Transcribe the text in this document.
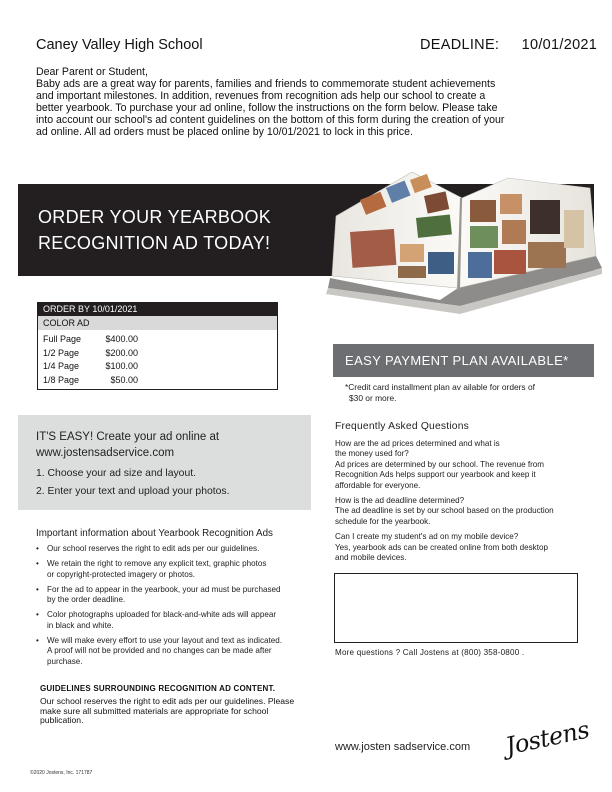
Caney Valley High School	DEADLINE: 10/01/2021
Dear Parent or Student,
Baby ads are a great way for parents, families and friends to commemorate student achievements
and important milestones. In addition, revenues from recognition ads help our school to create a
better yearbook. To purchase your ad online, follow the instructions on the form below. Please take
into account our school's ad content guidelines on the bottom of this form during the creation of your
ad online. All ad orders must be placed online by 10/01/2021 to lock in this price.
ORDER YOUR YEARBOOK
RECOGNITION AD TODAY!
ORDER BY 10/01/2021
COLOR AD
Full Page	$400.00
1/2 Page	$200.00
1/4 Page	$100.00
1/8 Page	$50.00
EASY PAYMENT PLAN AVAILABLE*
*Credit card installment plan av ailable for orders of
$30 or more.
IT'S EASY! Create your ad online at
www.jostensadservice.com
1. Choose your ad size and layout.
2. Enter your text and upload your photos.
Important information about Yearbook Recognition Ads
• Our school reserves the right to edit ads per our guidelines.
• We retain the right to remove any explicit text, graphic photos
or copyright-protected imagery or photos.
• For the ad to appear in the yearbook, your ad must be purchased
by the order deadline.
• Color photographs uploaded for black-and-white ads will appear
in black and white.
• We will make every effort to use your layout and text as indicated.
A proof will not be provided and no changes can be made after
purchase.
GUIDELINES SURROUNDING RECOGNITION AD CONTENT.
Our school reserves the right to edit ads per our guidelines. Please
make sure all submitted materials are appropriate for school
publication.
©2020 Jostens, Inc. 171787
Frequently Asked Questions
How are the ad prices determined and what is
the money used for?
Ad prices are determined by our school. The revenue from
Recognition Ads helps support our yearbook and keep it
affordable for everyone.
How is the ad deadline determined?
The ad deadline is set by our school based on the production
schedule for the yearbook.
Can I create my student's ad on my mobile device?
Yes, yearbook ads can be created online from both desktop
and mobile devices.
More questions ? Call Jostens at (800) 358-0800 .
www.josten sadservice.com Jostens
